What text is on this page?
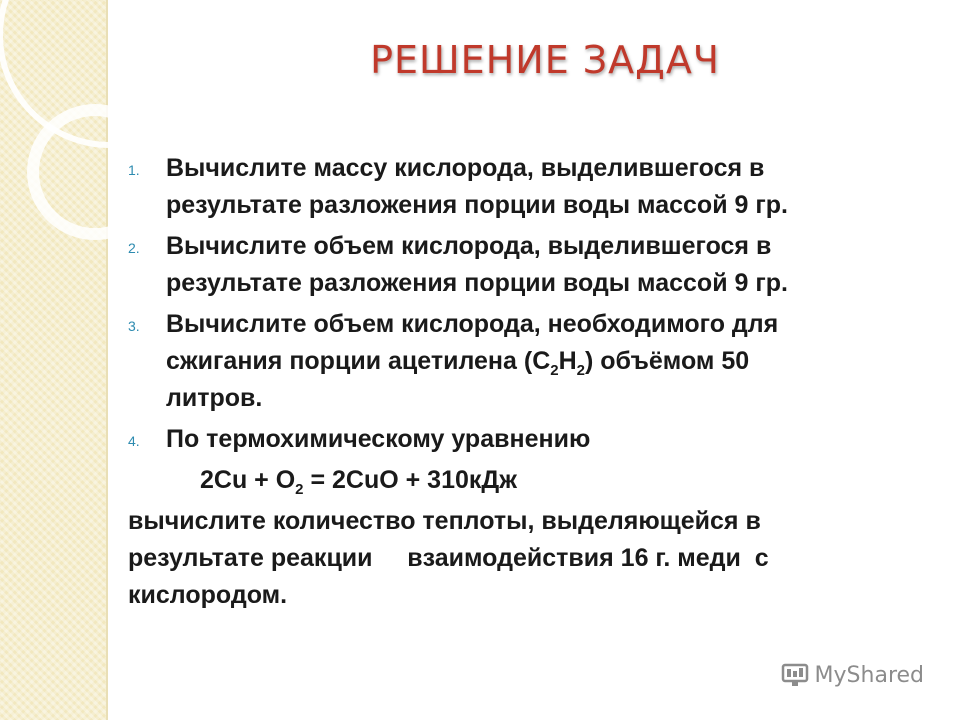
РЕШЕНИЕ ЗАДАЧ
1. Вычислите массу кислорода, выделившегося в
результате разложения порции воды массой 9 гр.
2. Вычислите объем кислорода, выделившегося в
результате разложения порции воды массой 9 гр.
3. Вычислите объем кислорода, необходимого для
сжигания порции ацетилена $(С_2Н_2)$ объёмом 50
литров.
4. По термохимическому уравнению
$2Cu + O_2 = 2CuO + 310кДж$
вычислите количество теплоты, выделяющейся в
результате реакции     взаимодействия 16 г. меди  с
кислородом.
MyShared
